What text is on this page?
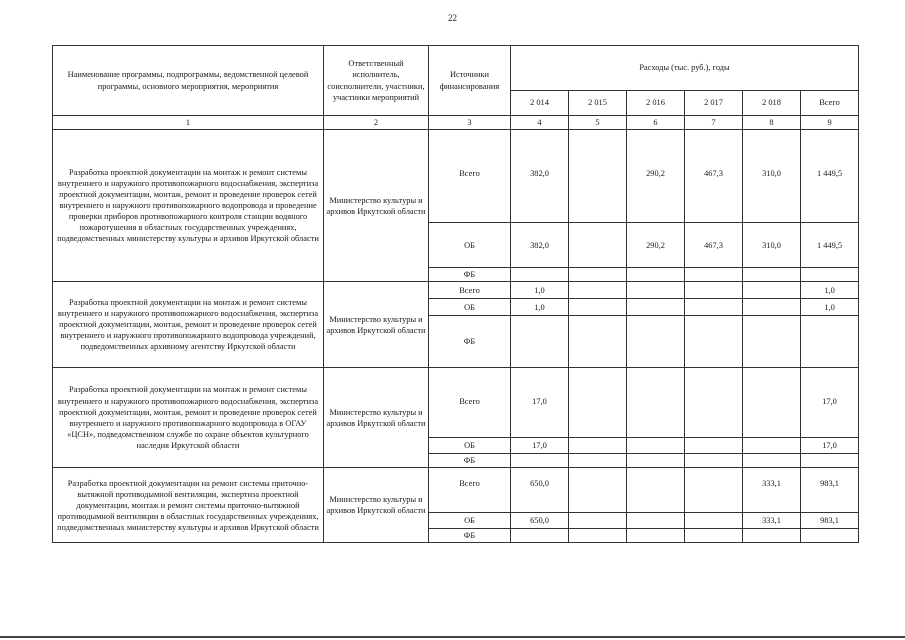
22
Наименование программы, подпрограммы, ведомственной целевой программы, основного мероприятия, мероприятия	Ответственный исполнитель, соисполнители, участники, участники мероприятий	Источники финансирования	Расходы (тыс. руб.), годы					
			2 014	2 015	2 016	2 017	2 018	Всего
1	2	3	4	5	6	7	8	9
Разработка проектной документации на монтаж и ремонт системы внутреннего и наружного противопожарного водоснабжения, экспертиза проектной документации, монтаж, ремонт и проведение проверок сетей внутреннего и наружного противопожарного водопровода и проведение проверки приборов противопожарного контроля станции водяного пожаротушения в областных государственных учреждениях, подведомственных министерству культуры и архивов Иркутской области	Министерство культуры и архивов Иркутской области	Всего	382,0		290,2	467,3	310,0	1 449,5
		ОБ	382,0		290,2	467,3	310,0	1 449,5
		ФБ						
Разработка проектной документации на монтаж и ремонт системы внутреннего и наружного противопожарного водоснабжения, экспертиза проектной документации, монтаж, ремонт и проведение проверок сетей внутреннего и наружного противопожарного водопровода учреждений, подведомственных архивному агентству Иркутской области	Министерство культуры и архивов Иркутской области	Всего	1,0					1,0
		ОБ	1,0					1,0
		ФБ						
Разработка проектной документации на монтаж и ремонт системы внутреннего и наружного противопожарного водоснабжения, экспертиза проектной документации, монтаж, ремонт и проведение проверок сетей внутреннего и наружного противопожарного водопровода в ОГАУ «ЦСН», подведомственном службе по охране объектов культурного наследия Иркутской области	Министерство культуры и архивов Иркутской области	Всего	17,0					17,0
		ОБ	17,0					17,0
		ФБ						
Разработка проектной документации на ремонт системы приточно-вытяжной противодымной вентиляции, экспертиза проектной документации, монтаж и ремонт системы приточно-вытяжной противодымной вентиляции в областных государственных учреждениях, подведомственных министерству культуры и архивов Иркутской области	Министерство культуры и архивов Иркутской области	Всего	650,0				333,1	983,1
		ОБ	650,0				333,1	983,1
		ФБ						
